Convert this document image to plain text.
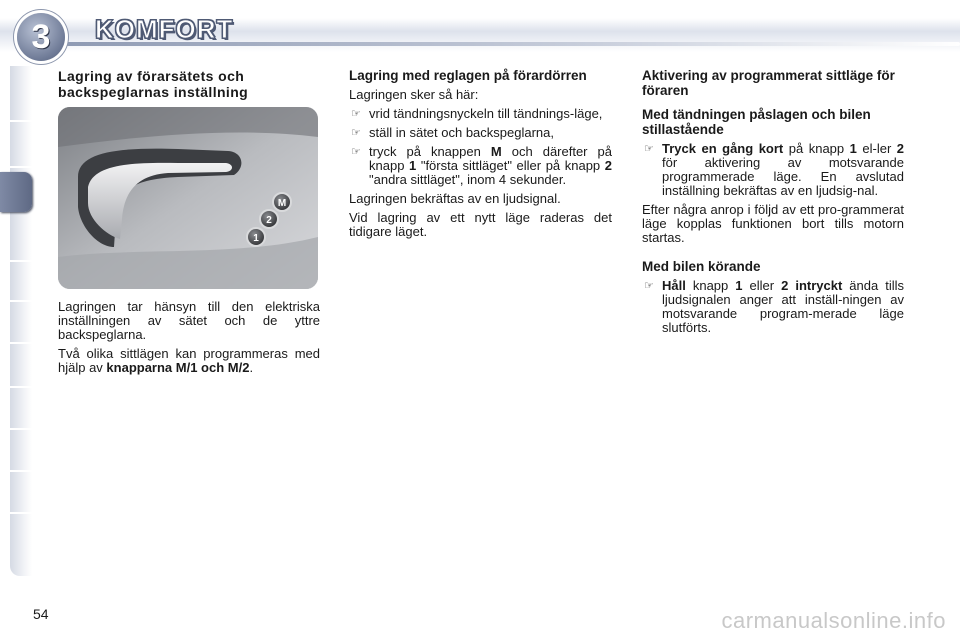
3 KOMFORT
Lagring av förarsätets och backspeglarnas inställning
M
2
1

Lagringen tar hänsyn till den elektriska inställningen av sätet och de yttre backspeglarna.

Två olika sittlägen kan programmeras med hjälp av knapparna M/1 och M/2.

Lagring med reglagen på förardörren

Lagringen sker så här:

☞ vrid tändningsnyckeln till tändnings-läge,
☞ ställ in sätet och backspeglarna,
☞ tryck på knappen M och därefter på knapp 1 "första sittläget" eller på knapp 2 "andra sittläget", inom 4 sekunder.

Lagringen bekräftas av en ljudsignal.

Vid lagring av ett nytt läge raderas det tidigare läget.

Aktivering av programmerat sittläge för föraren
Med tändningen påslagen och bilen stillastående
☞ Tryck en gång kort på knapp 1 el-ler 2 för aktivering av motsvarande programmerade läge. En avslutad inställning bekräftas av en ljudsig-nal.

Efter några anrop i följd av ett pro-grammerat läge kopplas funktionen bort tills motorn startas.

Med bilen körande
☞ Håll knapp 1 eller 2 intryckt ända tills ljudsignalen anger att inställ-ningen av motsvarande program-merade läge slutförts.
54	carmanualsonline.info
